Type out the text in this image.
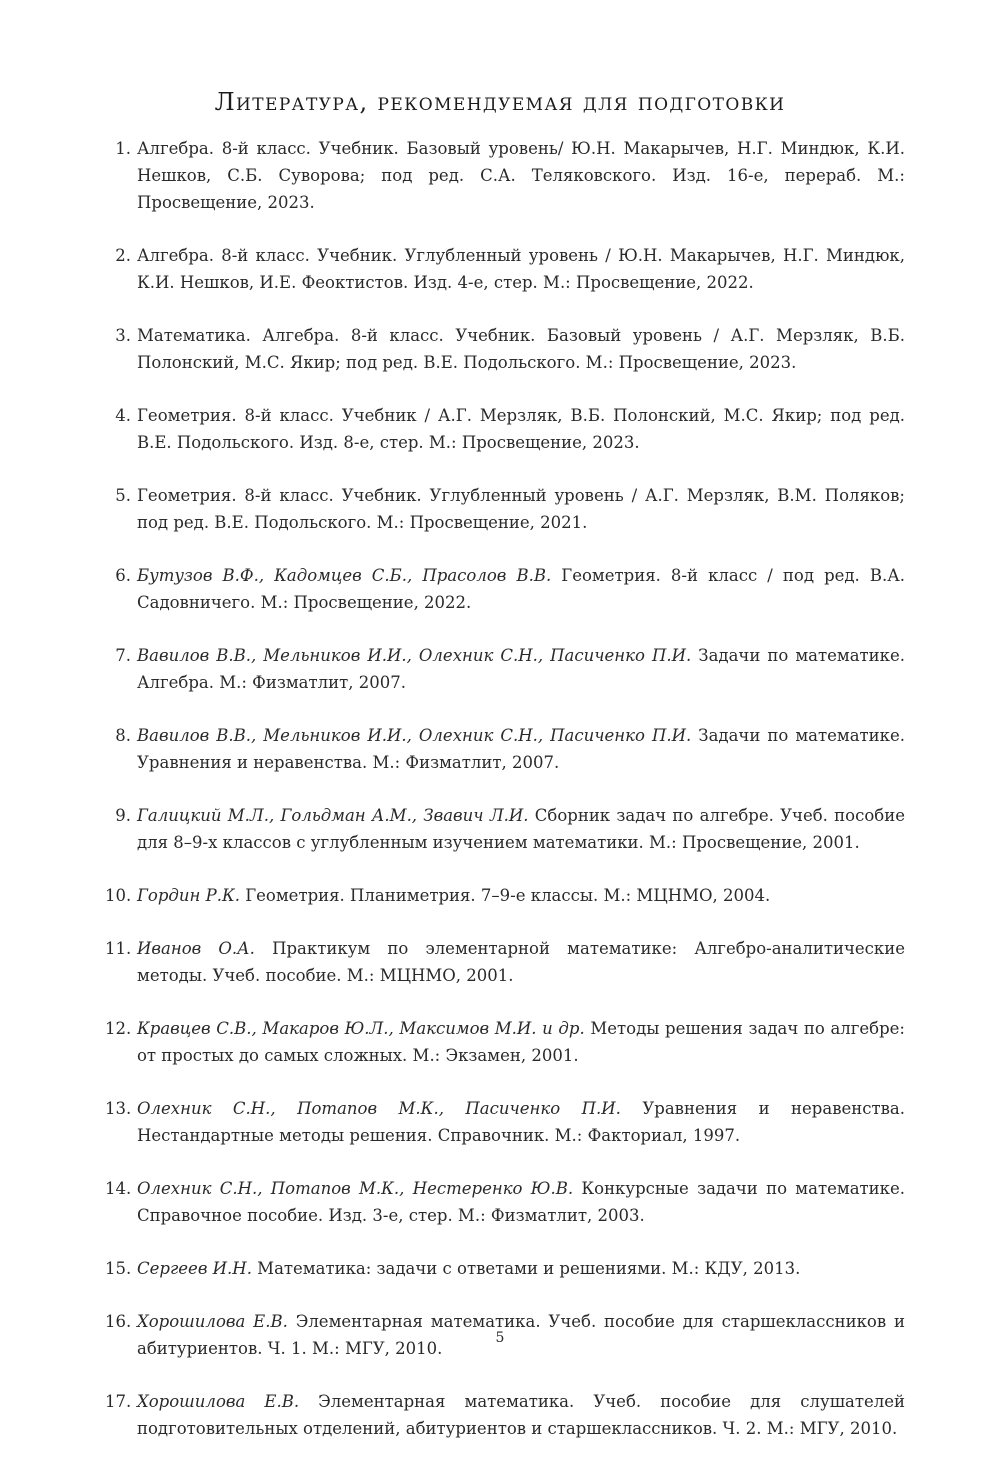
Литература, рекомендуемая для подготовки
1. Алгебра. 8-й класс. Учебник. Базовый уровень/ Ю.Н. Макарычев, Н.Г. Миндюк, К.И. Нешков, С.Б. Суворова; под ред. С.А. Теляковского. Изд. 16-е, перераб. М.: Просвещение, 2023.
2. Алгебра. 8-й класс. Учебник. Углубленный уровень / Ю.Н. Макарычев, Н.Г. Миндюк, К.И. Нешков, И.Е. Феоктистов. Изд. 4-е, стер. М.: Просвещение, 2022.
3. Математика. Алгебра. 8-й класс. Учебник. Базовый уровень / А.Г. Мерзляк, В.Б. Полонский, М.С. Якир; под ред. В.Е. Подольского. М.: Просвещение, 2023.
4. Геометрия. 8-й класс. Учебник / А.Г. Мерзляк, В.Б. Полонский, М.С. Якир; под ред. В.Е. Подольского. Изд. 8-е, стер. М.: Просвещение, 2023.
5. Геометрия. 8-й класс. Учебник. Углубленный уровень / А.Г. Мерзляк, В.М. Поляков; под ред. В.Е. Подольского. М.: Просвещение, 2021.
6. Бутузов В.Ф., Кадомцев С.Б., Прасолов В.В. Геометрия. 8-й класс / под ред. В.А. Садовничего. М.: Просвещение, 2022.
7. Вавилов В.В., Мельников И.И., Олехник С.Н., Пасиченко П.И. Задачи по математике. Алгебра. М.: Физматлит, 2007.
8. Вавилов В.В., Мельников И.И., Олехник С.Н., Пасиченко П.И. Задачи по математике. Уравнения и неравенства. М.: Физматлит, 2007.
9. Галицкий М.Л., Гольдман А.М., Звавич Л.И. Сборник задач по алгебре. Учеб. пособие для 8–9-х классов с углубленным изучением математики. М.: Просвещение, 2001.
10. Гордин Р.К. Геометрия. Планиметрия. 7–9-е классы. М.: МЦНМО, 2004.
11. Иванов О.А. Практикум по элементарной математике: Алгебро-аналитические методы. Учеб. пособие. М.: МЦНМО, 2001.
12. Кравцев С.В., Макаров Ю.Л., Максимов М.И. и др. Методы решения задач по алгебре: от простых до самых сложных. М.: Экзамен, 2001.
13. Олехник С.Н., Потапов М.К., Пасиченко П.И. Уравнения и неравенства. Нестандартные методы решения. Справочник. М.: Факториал, 1997.
14. Олехник С.Н., Потапов М.К., Нестеренко Ю.В. Конкурсные задачи по математике. Справочное пособие. Изд. 3-е, стер. М.: Физматлит, 2003.
15. Сергеев И.Н. Математика: задачи с ответами и решениями. М.: КДУ, 2013.
16. Хорошилова Е.В. Элементарная математика. Учеб. пособие для старшеклассников и абитуриентов. Ч. 1. М.: МГУ, 2010.
17. Хорошилова Е.В. Элементарная математика. Учеб. пособие для слушателей подготовительных отделений, абитуриентов и старшеклассников. Ч. 2. М.: МГУ, 2010.
5
